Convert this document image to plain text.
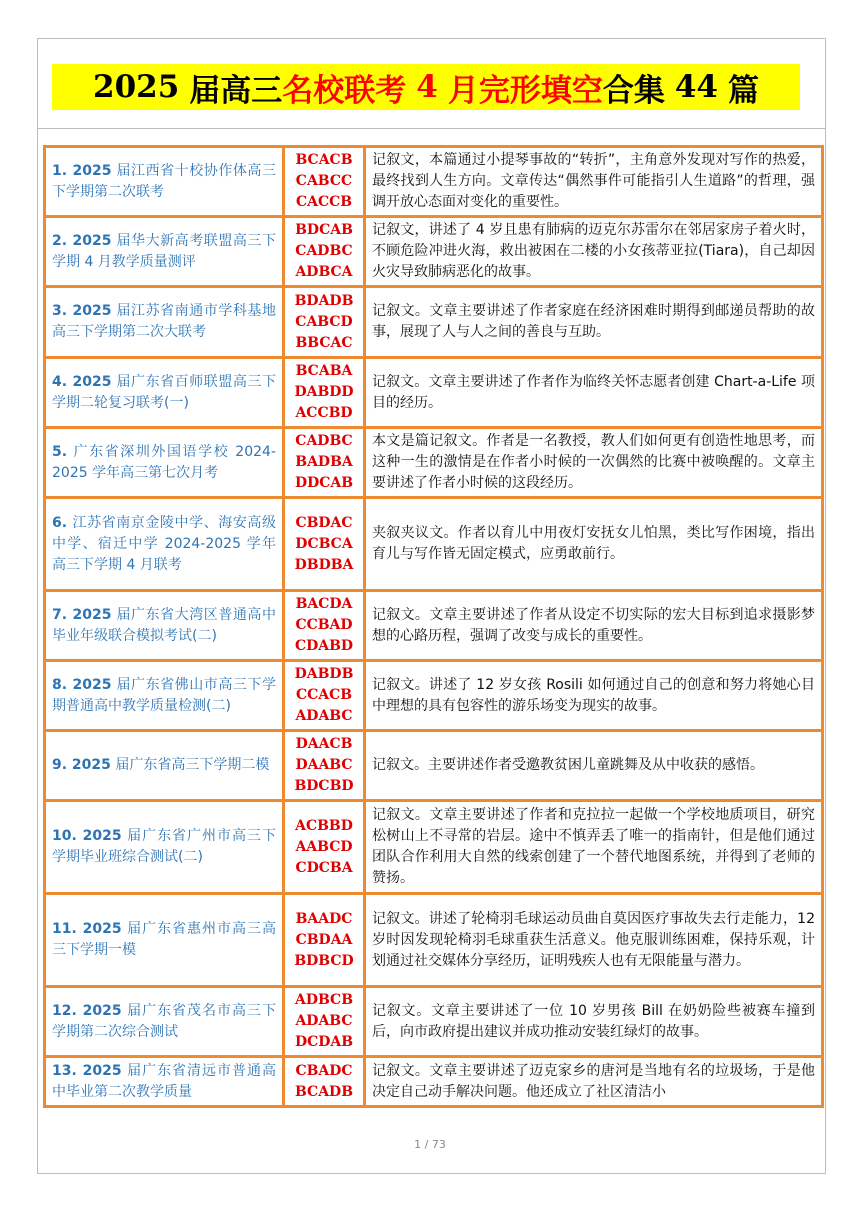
2025 届高三 名校联考 4 月完形填空 合集 44 篇
1. 2025 届江西省十校协作体高三下学期第二次联考	BCACB
CABCC
CACCB	记叙文，本篇通过小提琴事故的“转折”，主角意外发现对写作的热爱，最终找到人生方向。文章传达“偶然事件可能指引人生道路”的哲理，强调开放心态面对变化的重要性。
2. 2025 届华大新高考联盟高三下学期 4 月教学质量测评	BDCAB
CADBC
ADBCA	记叙文，讲述了 4 岁且患有肺病的迈克尔苏雷尔在邻居家房子着火时，不顾危险冲进火海，救出被困在二楼的小女孩蒂亚拉(Tiara)，自己却因火灾导致肺病恶化的故事。
3. 2025 届江苏省南通市学科基地高三下学期第二次大联考	BDADB
CABCD
BBCAC	记叙文。文章主要讲述了作者家庭在经济困难时期得到邮递员帮助的故事，展现了人与人之间的善良与互助。
4. 2025 届广东省百师联盟高三下学期二轮复习联考(一)	BCABA
DABDD
ACCBD	记叙文。文章主要讲述了作者作为临终关怀志愿者创建 Chart-a-Life 项目的经历。
5. 广东省深圳外国语学校 2024-2025 学年高三第七次月考	CADBC
BADBA
DDCAB	本文是篇记叙文。作者是一名教授，教人们如何更有创造性地思考，而这种一生的激情是在作者小时候的一次偶然的比赛中被唤醒的。文章主要讲述了作者小时候的这段经历。
6. 江苏省南京金陵中学、海安高级中学、宿迁中学 2024-2025 学年高三下学期 4 月联考	CBDAC
DCBCA
DBDBA	夹叙夹议文。作者以育儿中用夜灯安抚女儿怕黑，类比写作困境，指出育儿与写作皆无固定模式，应勇敢前行。
7. 2025 届广东省大湾区普通高中毕业年级联合模拟考试(二)	BACDA
CCBAD
CDABD	记叙文。文章主要讲述了作者从设定不切实际的宏大目标到追求摄影梦想的心路历程，强调了改变与成长的重要性。
8. 2025 届广东省佛山市高三下学期普通高中教学质量检测(二)	DABDB
CCACB
ADABC	记叙文。讲述了 12 岁女孩 Rosili 如何通过自己的创意和努力将她心目中理想的具有包容性的游乐场变为现实的故事。
9. 2025 届广东省高三下学期二模	DAACB
DAABC
BDCBD	记叙文。主要讲述作者受邀教贫困儿童跳舞及从中收获的感悟。
10. 2025 届广东省广州市高三下学期毕业班综合测试(二)	ACBBD
AABCD
CDCBA	记叙文。文章主要讲述了作者和克拉拉一起做一个学校地质项目，研究松树山上不寻常的岩层。途中不慎弄丢了唯一的指南针，但是他们通过团队合作利用大自然的线索创建了一个替代地图系统，并得到了老师的赞扬。
11. 2025 届广东省惠州市高三高三下学期一模	BAADC
CBDAA
BDBCD	记叙文。讲述了轮椅羽毛球运动员曲自莫因医疗事故失去行走能力，12 岁时因发现轮椅羽毛球重获生活意义。他克服训练困难，保持乐观，计划通过社交媒体分享经历，证明残疾人也有无限能量与潜力。
12. 2025 届广东省茂名市高三下学期第二次综合测试	ADBCB
ADABC
DCDAB	记叙文。文章主要讲述了一位 10 岁男孩 Bill 在奶奶险些被赛车撞到后，向市政府提出建议并成功推动安装红绿灯的故事。
13. 2025 届广东省清远市普通高中毕业第二次教学质量	CBADC
BCADB	记叙文。文章主要讲述了迈克家乡的唐河是当地有名的垃圾场，于是他决定自己动手解决问题。他还成立了社区清洁小
1 / 73
